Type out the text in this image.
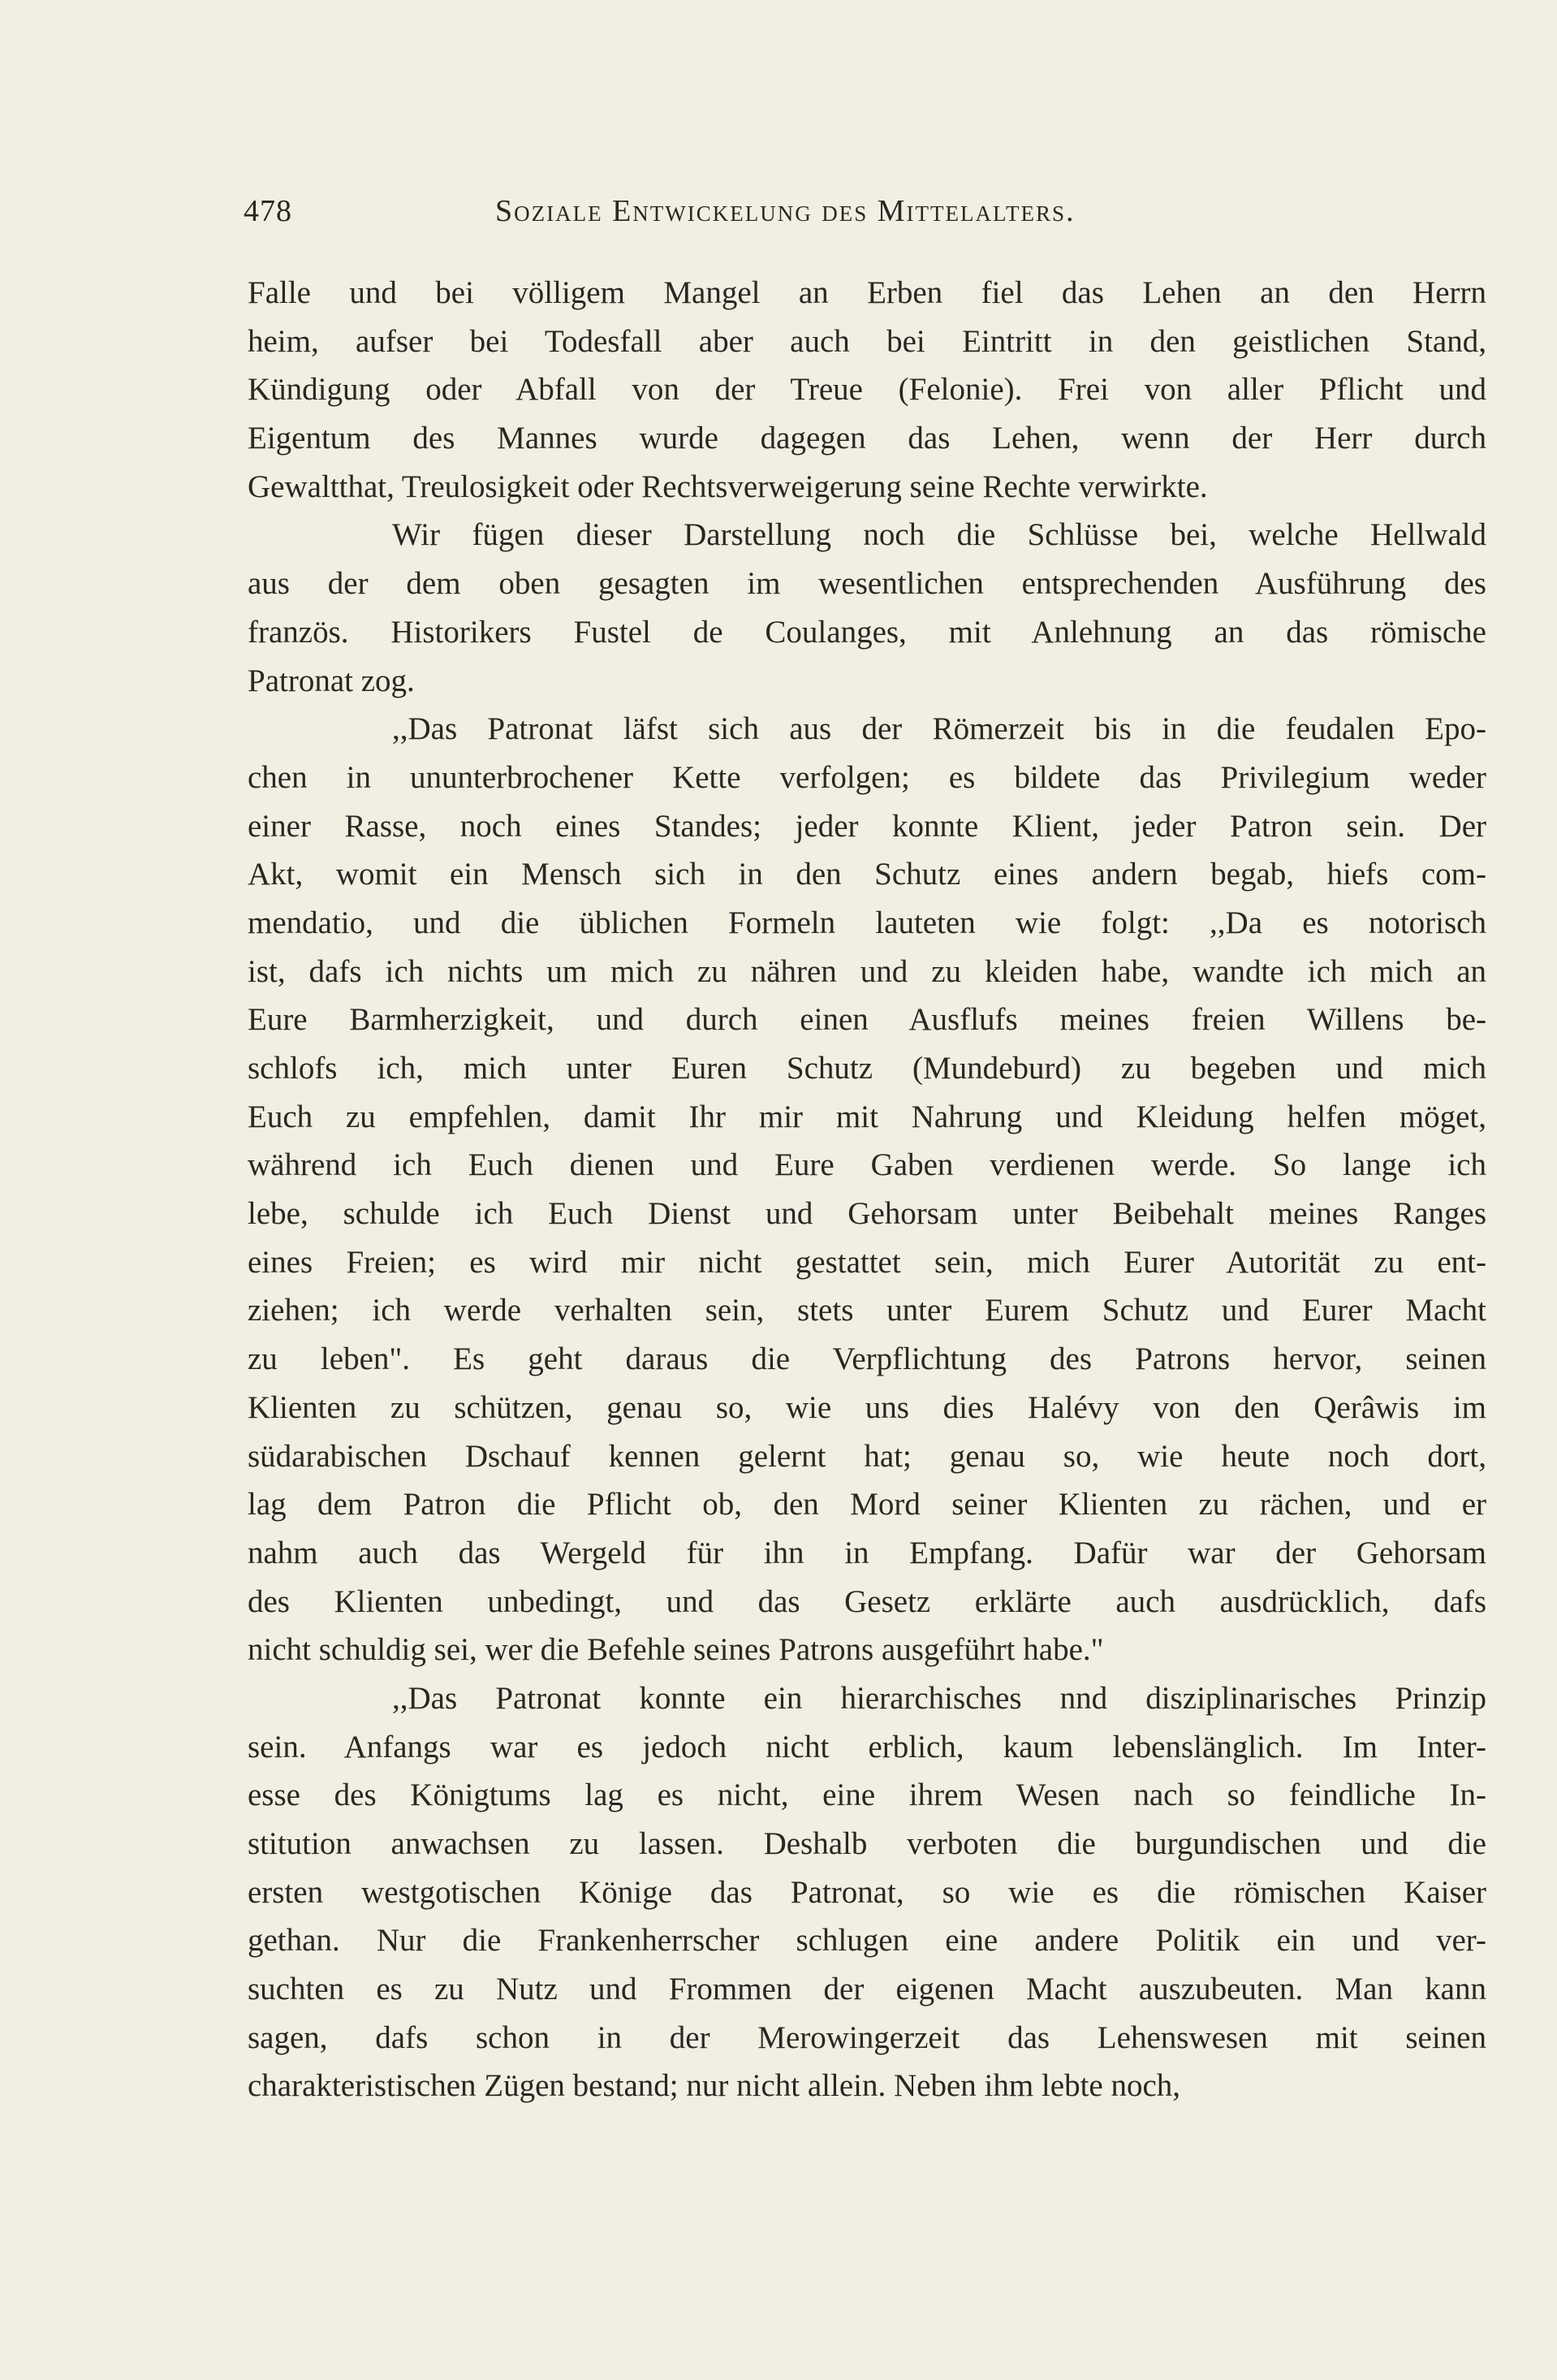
478	Soziale Entwickelung des Mittelalters.
Falle und bei völligem Mangel an Erben fiel das Lehen an den Herrn
heim, aufser bei Todesfall aber auch bei Eintritt in den geistlichen Stand,
Kündigung oder Abfall von der Treue (Felonie). Frei von aller Pflicht und
Eigentum des Mannes wurde dagegen das Lehen, wenn der Herr durch
Gewaltthat, Treulosigkeit oder Rechtsverweigerung seine Rechte verwirkte.
Wir fügen dieser Darstellung noch die Schlüsse bei, welche Hellwald
aus der dem oben gesagten im wesentlichen entsprechenden Ausführung des
französ. Historikers Fustel de Coulanges, mit Anlehnung an das römische
Patronat zog.
,,Das Patronat läfst sich aus der Römerzeit bis in die feudalen Epo-
chen in ununterbrochener Kette verfolgen; es bildete das Privilegium weder
einer Rasse, noch eines Standes; jeder konnte Klient, jeder Patron sein. Der
Akt, womit ein Mensch sich in den Schutz eines andern begab, hiefs com-
mendatio, und die üblichen Formeln lauteten wie folgt: ,,Da es notorisch
ist, dafs ich nichts um mich zu nähren und zu kleiden habe, wandte ich mich an
Eure Barmherzigkeit, und durch einen Ausflufs meines freien Willens be-
schlofs ich, mich unter Euren Schutz (Mundeburd) zu begeben und mich
Euch zu empfehlen, damit Ihr mir mit Nahrung und Kleidung helfen möget,
während ich Euch dienen und Eure Gaben verdienen werde. So lange ich
lebe, schulde ich Euch Dienst und Gehorsam unter Beibehalt meines Ranges
eines Freien; es wird mir nicht gestattet sein, mich Eurer Autorität zu ent-
ziehen; ich werde verhalten sein, stets unter Eurem Schutz und Eurer Macht
zu leben". Es geht daraus die Verpflichtung des Patrons hervor, seinen
Klienten zu schützen, genau so, wie uns dies Halévy von den Qerâwis im
südarabischen Dschauf kennen gelernt hat; genau so, wie heute noch dort,
lag dem Patron die Pflicht ob, den Mord seiner Klienten zu rächen, und er
nahm auch das Wergeld für ihn in Empfang. Dafür war der Gehorsam
des Klienten unbedingt, und das Gesetz erklärte auch ausdrücklich, dafs
nicht schuldig sei, wer die Befehle seines Patrons ausgeführt habe."
,,Das Patronat konnte ein hierarchisches nnd disziplinarisches Prinzip
sein. Anfangs war es jedoch nicht erblich, kaum lebenslänglich. Im Inter-
esse des Königtums lag es nicht, eine ihrem Wesen nach so feindliche In-
stitution anwachsen zu lassen. Deshalb verboten die burgundischen und die
ersten westgotischen Könige das Patronat, so wie es die römischen Kaiser
gethan. Nur die Frankenherrscher schlugen eine andere Politik ein und ver-
suchten es zu Nutz und Frommen der eigenen Macht auszubeuten. Man kann
sagen, dafs schon in der Merowingerzeit das Lehenswesen mit seinen
charakteristischen Zügen bestand; nur nicht allein. Neben ihm lebte noch,
